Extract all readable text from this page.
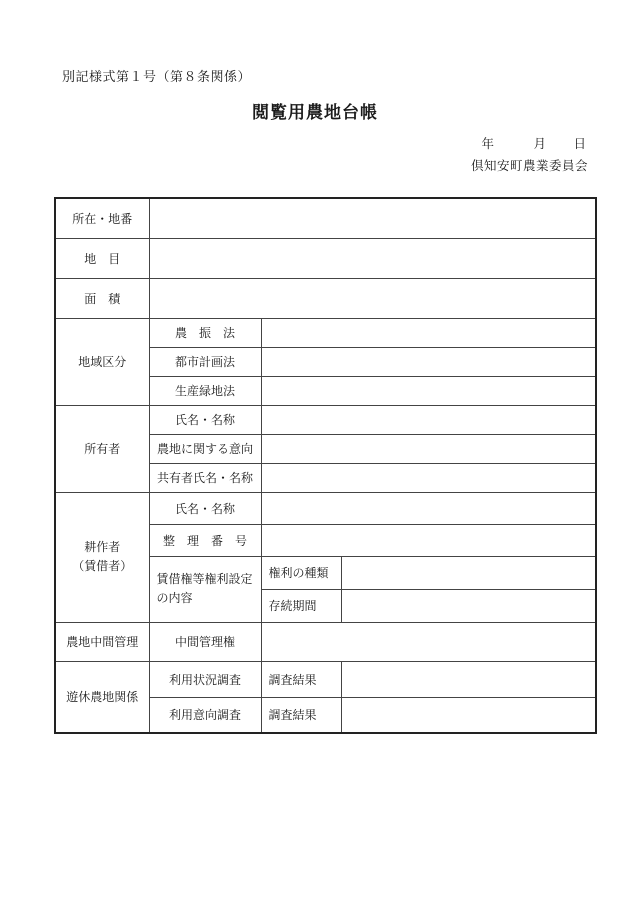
別記様式第１号（第８条関係）
閲覧用農地台帳
年	月	日
倶知安町農業委員会
所在・地番			
地　目			
面　積			
地域区分	農　振　法		
	都市計画法		
	生産緑地法		
所有者	氏名・名称		
	農地に関する意向		
	共有者氏名・名称		
耕作者
（賃借者）	氏名・名称		
	整　理　番　号		
	賃借権等権利設定
の内容	権利の種類	
		存続期間	
農地中間管理	中間管理権		
遊休農地関係	利用状況調査	調査結果	
	利用意向調査	調査結果	
